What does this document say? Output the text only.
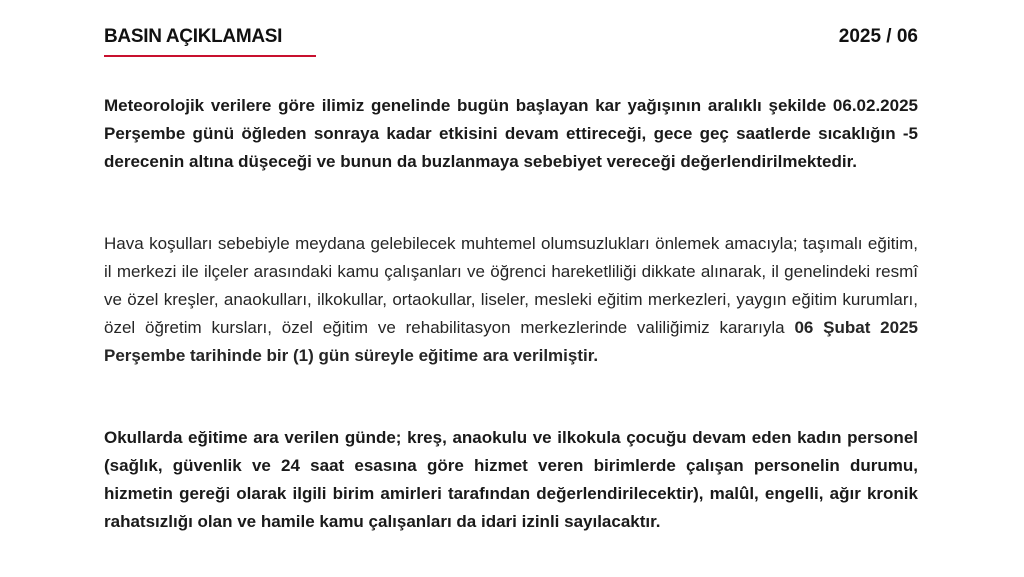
BASIN AÇIKLAMASI	2025 / 06
Meteorolojik verilere göre ilimiz genelinde bugün başlayan kar yağışının aralıklı şekilde 06.02.2025 Perşembe günü öğleden sonraya kadar etkisini devam ettireceği, gece geç saatlerde sıcaklığın -5 derecenin altına düşeceği ve bunun da buzlanmaya sebebiyet vereceği değerlendirilmektedir.
Hava koşulları sebebiyle meydana gelebilecek muhtemel olumsuzlukları önlemek amacıyla; taşımalı eğitim, il merkezi ile ilçeler arasındaki kamu çalışanları ve öğrenci hareketliliği dikkate alınarak, il genelindeki resmî ve özel kreşler, anaokulları, ilkokullar, ortaokullar, liseler, mesleki eğitim merkezleri, yaygın eğitim kurumları, özel öğretim kursları, özel eğitim ve rehabilitasyon merkezlerinde valiliğimiz kararıyla 06 Şubat 2025 Perşembe tarihinde bir (1) gün süreyle eğitime ara verilmiştir.
Okullarda eğitime ara verilen günde; kreş, anaokulu ve ilkokula çocuğu devam eden kadın personel (sağlık, güvenlik ve 24 saat esasına göre hizmet veren birimlerde çalışan personelin durumu, hizmetin gereği olarak ilgili birim amirleri tarafından değerlendirilecektir), malûl, engelli, ağır kronik rahatsızlığı olan ve hamile kamu çalışanları da idari izinli sayılacaktır.
